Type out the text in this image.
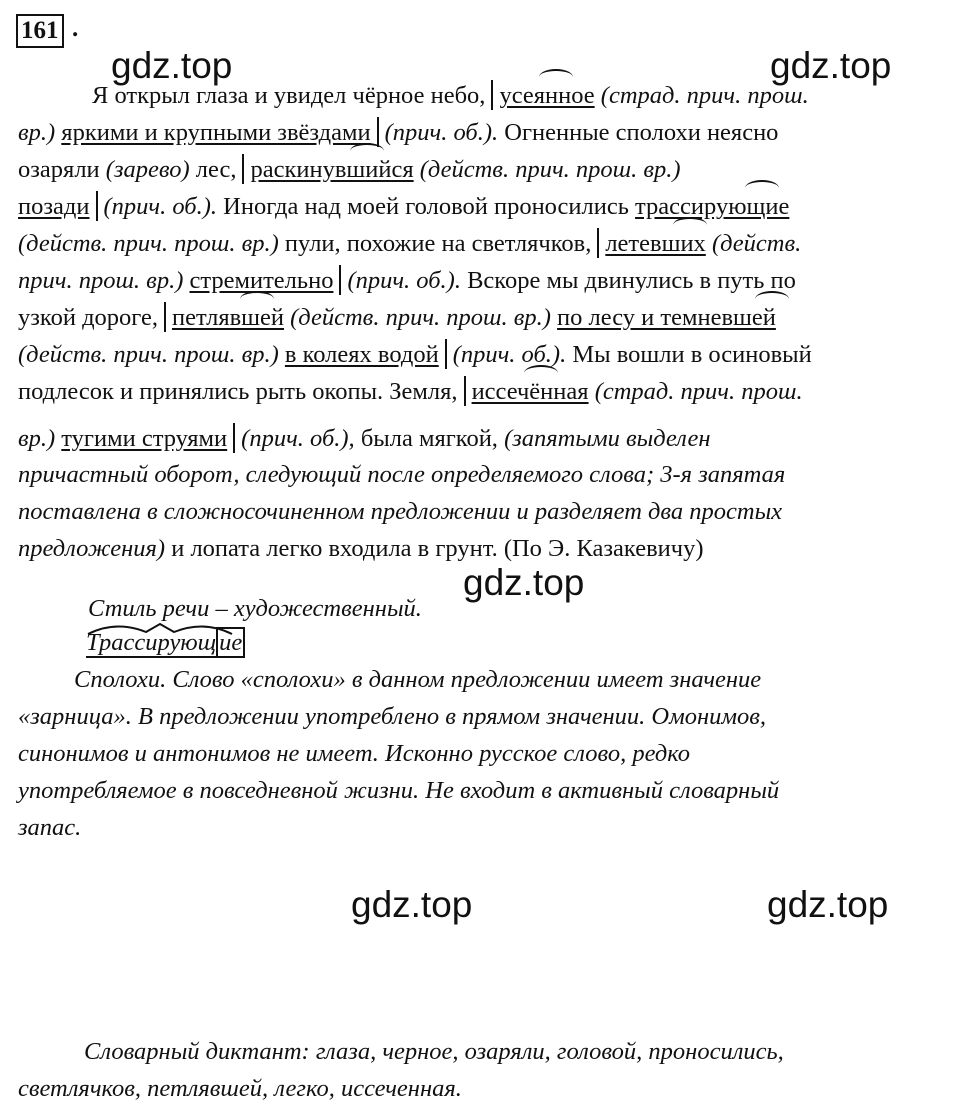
161 .
gdz.top	gdz.top
gdz.top
gdz.top	gdz.top
Я открыл глаза и увидел чёрное небо, усеянное (страд. прич. прош.
вр.) яркими и крупными звёздами (прич. об.). Огненные сполохи неясно
озаряли (зарево) лес, раскинувшийся (действ. прич. прош. вр.)
позади (прич. об.). Иногда над моей головой проносились трассирующие
(действ. прич. прош. вр.) пули, похожие на светлячков, летевших (действ.
прич. прош. вр.) стремительно (прич. об.). Вскоре мы двинулись в путь по
узкой дороге, петлявшей (действ. прич. прош. вр.) по лесу и темневшей
(действ. прич. прош. вр.) в колеях водой (прич. об.). Мы вошли в осиновый
подлесок и принялись рыть окопы. Земля, иссечённая (страд. прич. прош.
вр.) тугими струями (прич. об.), была мягкой, (запятыми выделен
причастный оборот, следующий после определяемого слова; 3-я запятая
поставлена в сложносочиненном предложении и разделяет два простых
предложения) и лопата легко входила в грунт. (По Э. Казакевичу)
Стиль речи – художественный.
Трассирующ ие
Сполохи. Слово «сполохи» в данном предложении имеет значение
«зарница». В предложении употреблено в прямом значении. Омонимов,
синонимов и антонимов не имеет. Исконно русское слово, редко
употребляемое в повседневной жизни. Не входит в активный словарный
запас.
Словарный диктант: глаза, черное, озаряли, головой, проносились,
светлячков, петлявшей, легко, иссеченная.
